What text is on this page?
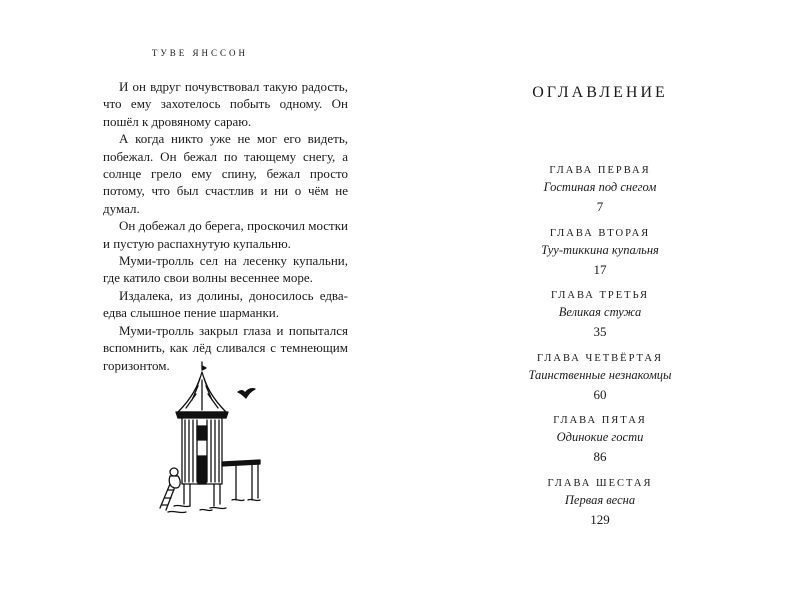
ТУВЕ ЯНССОН

И он вдруг почувствовал такую радость, что ему захотелось побыть одному. Он пошёл к дровяному сараю.

А когда никто уже не мог его видеть, побежал. Он бежал по тающему снегу, а солнце грело ему спину, бежал просто потому, что был счастлив и ни о чём не думал.

Он добежал до берега, проскочил мостки и пустую распахнутую купальню.

Муми-тролль сел на лесенку купальни, где катило свои волны весеннее море.

Издалека, из долины, доносилось едва-едва слышное пение шарманки.

Муми-тролль закрыл глаза и попытался вспомнить, как лёд сливался с темнеющим горизонтом.

ОГЛАВЛЕНИЕ
ГЛАВА ПЕРВАЯ
Гостиная под снегом
7
ГЛАВА ВТОРАЯ
Туу-тиккина купальня
17
ГЛАВА ТРЕТЬЯ
Великая стужа
35
ГЛАВА ЧЕТВЁРТАЯ
Таинственные незнакомцы
60
ГЛАВА ПЯТАЯ
Одинокие гости
86
ГЛАВА ШЕСТАЯ
Первая весна
129
